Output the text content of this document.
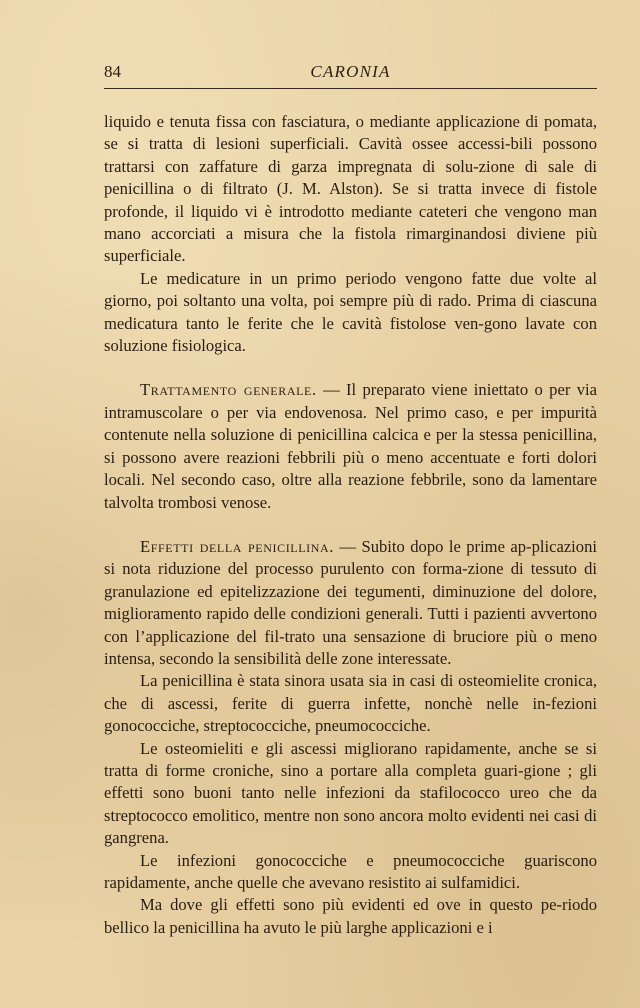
84	CARONIA

liquido e tenuta fissa con fasciatura, o mediante applicazione di pomata, se si tratta di lesioni superficiali. Cavità ossee accessi-bili possono trattarsi con zaffature di garza impregnata di solu-zione di sale di penicillina o di filtrato (J. M. Alston). Se si tratta invece di fistole profonde, il liquido vi è introdotto mediante cateteri che vengono man mano accorciati a misura che la fistola rimarginandosi diviene più superficiale.

Le medicature in un primo periodo vengono fatte due volte al giorno, poi soltanto una volta, poi sempre più di rado. Prima di ciascuna medicatura tanto le ferite che le cavità fistolose ven-gono lavate con soluzione fisiologica.

Trattamento generale. — Il preparato viene iniettato o per via intramuscolare o per via endovenosa. Nel primo caso, e per impurità contenute nella soluzione di penicillina calcica e per la stessa penicillina, si possono avere reazioni febbrili più o meno accentuate e forti dolori locali. Nel secondo caso, oltre alla reazione febbrile, sono da lamentare talvolta trombosi venose.

Effetti della penicillina. — Subito dopo le prime ap-plicazioni si nota riduzione del processo purulento con forma-zione di tessuto di granulazione ed epitelizzazione dei tegumenti, diminuzione del dolore, miglioramento rapido delle condizioni generali. Tutti i pazienti avvertono con l’applicazione del fil-trato una sensazione di bruciore più o meno intensa, secondo la sensibilità delle zone interessate.

La penicillina è stata sinora usata sia in casi di osteomielite cronica, che di ascessi, ferite di guerra infette, nonchè nelle in-fezioni gonococciche, streptococciche, pneumococciche.

Le osteomieliti e gli ascessi migliorano rapidamente, anche se si tratta di forme croniche, sino a portare alla completa guari-gione ; gli effetti sono buoni tanto nelle infezioni da stafilococco ureo che da streptococco emolitico, mentre non sono ancora molto evidenti nei casi di gangrena.

Le infezioni gonococciche e pneumococciche guariscono rapidamente, anche quelle che avevano resistito ai sulfamidici.

Ma dove gli effetti sono più evidenti ed ove in questo pe-riodo bellico la penicillina ha avuto le più larghe applicazioni e i
